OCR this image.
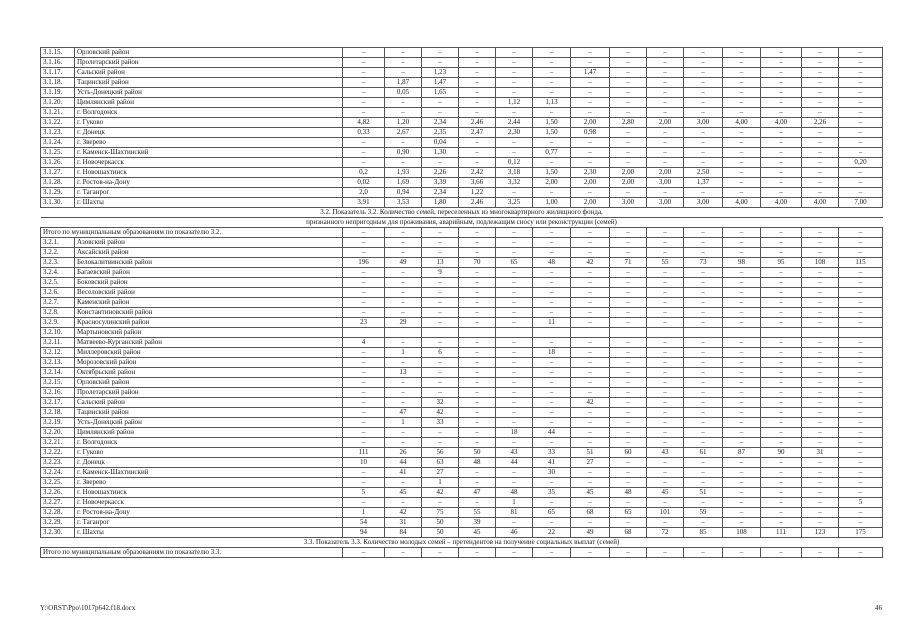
3.1.15.	Орловский район	–	–	–	–	–	–	–	–	–	–	–	–	–	–
3.1.16.	Пролетарский район	–	–	–	–	–	–	–	–	–	–	–	–	–	–
3.1.17.	Сальский район	–	–	1,23	–	–	–	1,47	–	–	–	–	–	–	–
3.1.18.	Тацинский район	–	1,87	1,47	–	–	–	–	–	–	–	–	–	–	–
3.1.19.	Усть-Донецкий район	–	0,05	1,65	–	–	–	–	–	–	–	–	–	–	–
3.1.20.	Цимлянский район	–	–	–	–	1,12	1,13	–	–	–	–	–	–	–	–
3.1.21.	г. Волгодонск	–	–	–	–	–	–	–	–	–	–	–	–	–	–
3.1.22.	г. Гуково	4,82	1,20	2,34	2,46	2,44	1,50	2,00	2,80	2,00	3,00	4,00	4,00	2,26	–
3.1.23.	г. Донецк	0,33	2,67	2,35	2,47	2,30	1,50	0,98	–	–	–	–	–	–	–
3.1.24.	г. Зверево	–	–	0,04	–	–	–	–	–	–	–	–	–	–	–
3.1.25.	г. Каменск-Шахтинский	–	0,90	1,30	–	–	0,77	–	–	–	–	–	–	–	–
3.1.26.	г. Новочеркасск	–	–	–	–	0,12	–	–	–	–	–	–	–	–	0,20
3.1.27.	г. Новошахтинск	0,2	1,93	2,26	2,42	3,18	1,50	2,30	2,00	2,00	2,50	–	–	–	–
3.1.28.	г. Ростов-на-Дону	0,02	1,69	3,39	3,66	3,32	2,00	2,00	2,00	3,00	1,37	–	–	–	–
3.1.29.	г. Таганрог	2,0	0,94	2,34	1,22	–	–	–	–	–	–	–	–	–	–
3.1.30.	г. Шахты	3,91	3,53	1,80	2,46	3,25	1,00	2,00	3,00	3,00	3,00	4,00	4,00	4,00	7,00
3.2. Показатель 3.2. Количество семей, переселенных из многоквартирного жилищного фонда,															
признанного непригодным для проживания, аварийным, подлежащим сносу или реконструкции (семей)															
Итого по муниципальным образованиям по показателю 3.2.		–	–	–	–	–	–	–	–	–	–	–	–	–	–
3.2.1.	Азовский район	–	–	–	–	–	–	–	–	–	–	–	–	–	–
3.2.2.	Аксайский район	–	–	–	–	–	–	–	–	–	–	–	–	–	–
3.2.3.	Белокалитвинский район	196	49	13	70	65	48	42	71	55	73	98	95	108	115
3.2.4.	Багаевский район	–	–	9	–	–	–	–	–	–	–	–	–	–	–
3.2.5.	Боковский район	–	–	–	–	–	–	–	–	–	–	–	–	–	–
3.2.6.	Веселовский район	–	–	–	–	–	–	–	–	–	–	–	–	–	–
3.2.7.	Каменский район	–	–	–	–	–	–	–	–	–	–	–	–	–	–
3.2.8.	Константиновский район	–	–	–	–	–	–	–	–	–	–	–	–	–	–
3.2.9.	Красносулинский район	23	29	–	–	–	11	–	–	–	–	–	–	–	–
3.2.10.	Мартыновский район														
3.2.11.	Матвеево-Курганский район	4	–	–	–	–	–	–	–	–	–	–	–	–	–
3.2.12.	Миллеровский район	–	1	6	–	–	18	–	–	–	–	–	–	–	–
3.2.13.	Морозовский район	–	–	–	–	–	–	–	–	–	–	–	–	–	–
3.2.14.	Октябрьский район	–	13	–	–	–	–	–	–	–	–	–	–	–	–
3.2.15.	Орловский район	–	–	–	–	–	–	–	–	–	–	–	–	–	–
3.2.16.	Пролетарский район	–	–	–	–	–	–	–	–	–	–	–	–	–	–
3.2.17.	Сальский район	–	–	32	–	–	–	42	–	–	–	–	–	–	–
3.2.18.	Тацинский район	–	47	42	–	–	–	–	–	–	–	–	–	–	–
3.2.19.	Усть-Донецкий район	–	1	33	–	–	–	–	–	–	–	–	–	–	–
3.2.20.	Цимлянский район	–	–	–	–	18	44	–	–	–	–	–	–	–	–
3.2.21.	г. Волгодонск	–	–	–	–	–	–	–	–	–	–	–	–	–	–
3.2.22.	г. Гуково	111	26	56	50	43	33	51	60	43	61	87	90	31	–
3.2.23.	г. Донецк	10	44	63	48	44	41	27	–	–	–	–	–	–	–
3.2.24.	г. Каменск-Шахтинский	–	41	27	–	–	30	–	–	–	–	–	–	–	–
3.2.25.	г. Зверево	–	–	1	–	–	–	–	–	–	–	–	–	–	–
3.2.26.	г. Новошахтинск	5	45	42	47	48	35	45	48	45	51	–	–	–	–
3.2.27.	г. Новочеркасск	–	–	–	–	1	–	–	–	–	–	–	–	–	5
3.2.28.	г. Ростов-на-Дону	1	42	75	55	81	65	68	65	101	59	–	–	–	–
3.2.29.	г. Таганрог	54	31	50	39	–	–	–	–	–	–	–	–	–	–
3.2.30.	г. Шахты	94	84	50	45	46	22	49	68	72	85	108	111	123	175
3.3. Показатель 3.3. Количество молодых семей – претендентов на получение социальных выплат (семей)															
Итого по муниципальным образованиям по показателю 3.3.		–	–	–	–	–	–	–	–	–	–	–	–	–	–
Y:\ORST\Ppo\1017p642.f18.docx	46
